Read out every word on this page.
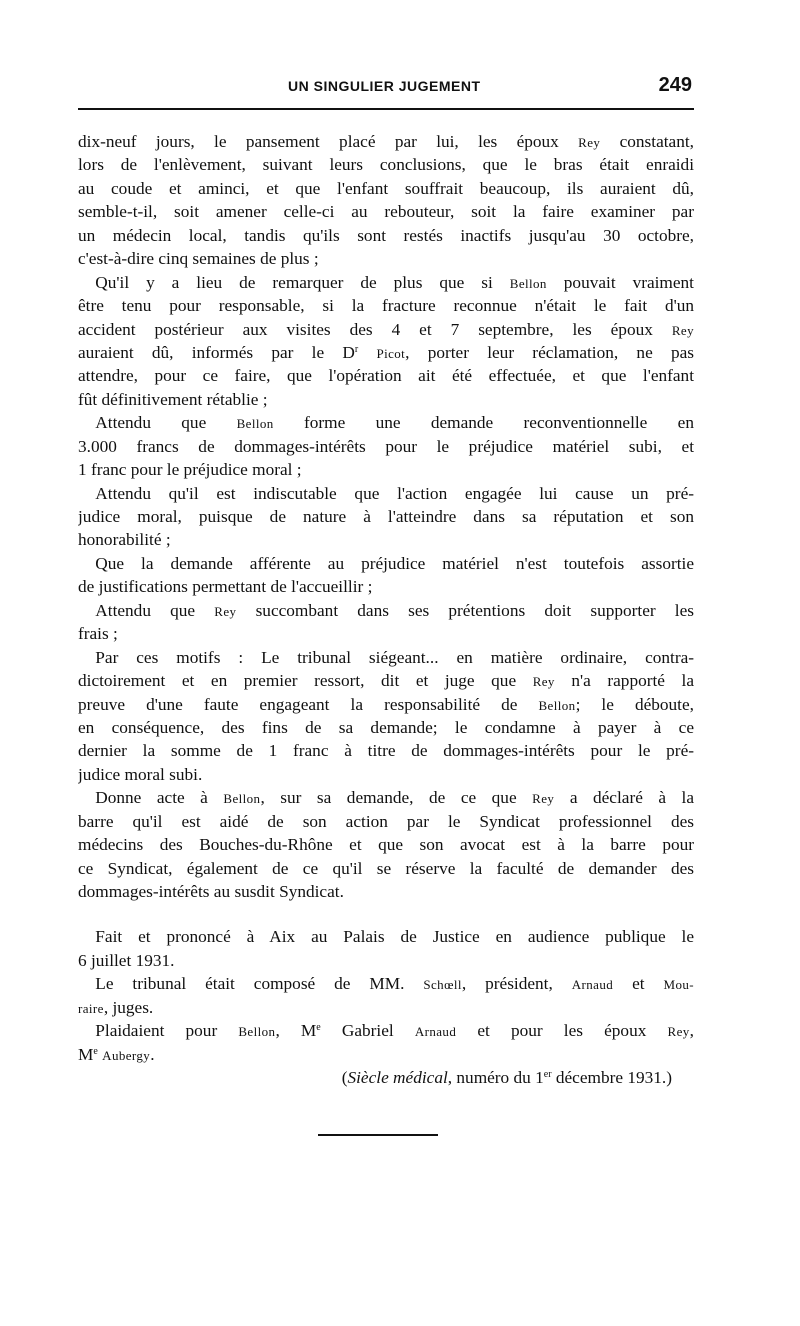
UN SINGULIER JUGEMENT	249
dix-neuf jours, le pansement placé par lui, les époux Rey constatant,
lors de l'enlèvement, suivant leurs conclusions, que le bras était enraidi
au coude et aminci, et que l'enfant souffrait beaucoup, ils auraient dû,
semble-t-il, soit amener celle-ci au rebouteur, soit la faire examiner par
un médecin local, tandis qu'ils sont restés inactifs jusqu'au 30 octobre,
c'est-à-dire cinq semaines de plus ;
 Qu'il y a lieu de remarquer de plus que si Bellon pouvait vraiment
être tenu pour responsable, si la fracture reconnue n'était le fait d'un
accident postérieur aux visites des 4 et 7 septembre, les époux Rey
auraient dû, informés par le $D^r$ Picot, porter leur réclamation, ne pas
attendre, pour ce faire, que l'opération ait été effectuée, et que l'enfant
fût définitivement rétablie ;
 Attendu que Bellon forme une demande reconventionnelle en
3.000 francs de dommages-intérêts pour le préjudice matériel subi, et
1 franc pour le préjudice moral ;
 Attendu qu'il est indiscutable que l'action engagée lui cause un pré-
judice moral, puisque de nature à l'atteindre dans sa réputation et son
honorabilité ;
 Que la demande afférente au préjudice matériel n'est toutefois assortie
de justifications permettant de l'accueillir ;
 Attendu que Rey succombant dans ses prétentions doit supporter les
frais ;
 Par ces motifs : Le tribunal siégeant... en matière ordinaire, contra-
dictoirement et en premier ressort, dit et juge que Rey n'a rapporté la
preuve d'une faute engageant la responsabilité de Bellon; le déboute,
en conséquence, des fins de sa demande; le condamne à payer à ce
dernier la somme de 1 franc à titre de dommages-intérêts pour le pré-
judice moral subi.
 Donne acte à Bellon, sur sa demande, de ce que Rey a déclaré à la
barre qu'il est aidé de son action par le Syndicat professionnel des
médecins des Bouches-du-Rhône et que son avocat est à la barre pour
ce Syndicat, également de ce qu'il se réserve la faculté de demander des
dommages-intérêts au susdit Syndicat.
 Fait et prononcé à Aix au Palais de Justice en audience publique le
6 juillet 1931.
 Le tribunal était composé de MM. Schœll, président, Arnaud et Mou-
raire, juges.
 Plaidaient pour Bellon, Me Gabriel Arnaud et pour les époux Rey,
Me Aubergy.
(Siècle médical, numéro du 1er décembre 1931.)
